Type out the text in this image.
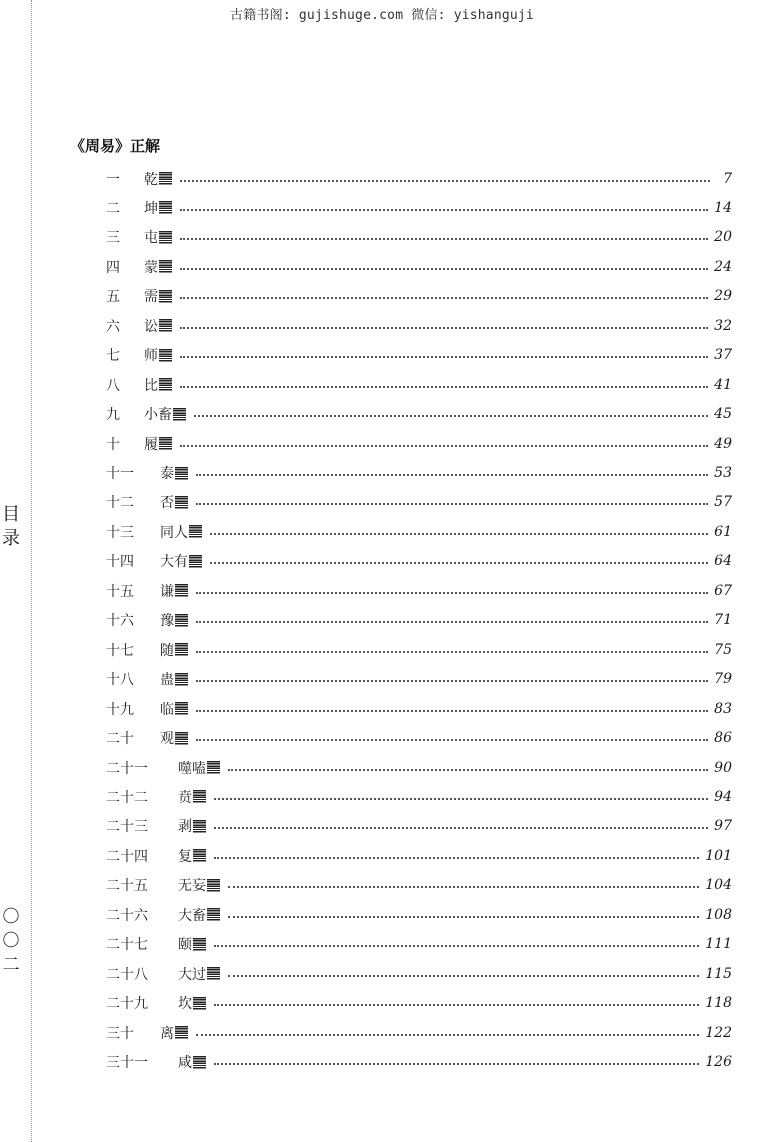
古籍书阁: gujishuge.com 微信: yishanguji
目
录
〇
〇
二
《周易》正解
一	乾	7
二	坤	14
三	屯	20
四	蒙	24
五	需	29
六	讼	32
七	师	37
八	比	41
九	小畜	45
十	履	49
十一	泰	53
十二	否	57
十三	同人	61
十四	大有	64
十五	谦	67
十六	豫	71
十七	随	75
十八	蛊	79
十九	临	83
二十	观	86
二十一	噬嗑	90
二十二	贲	94
二十三	剥	97
二十四	复	101
二十五	无妄	104
二十六	大畜	108
二十七	颐	111
二十八	大过	115
二十九	坎	118
三十	离	122
三十一	咸	126
